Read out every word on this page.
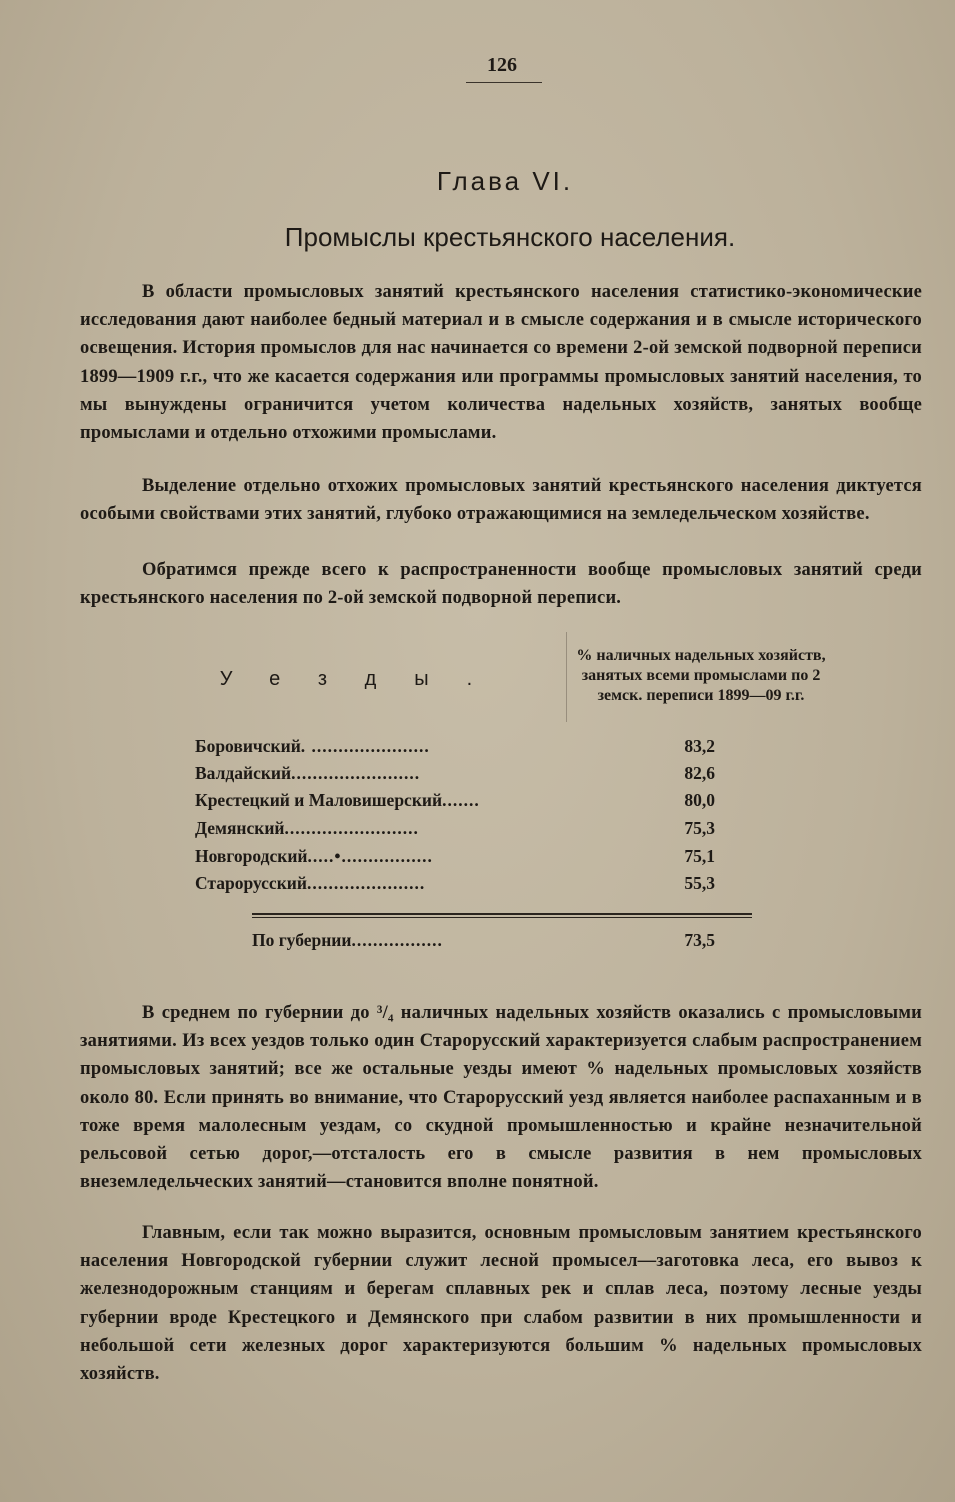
126
Глава VI.
Промыслы крестьянского населения.
В области промысловых занятий крестьянского населения статистико-экономические исследования дают наиболее бедный материал и в смысле содержания и в смысле исторического освещения. История промыслов для нас начинается со времени 2-ой земской подворной переписи 1899—1909 г.г., что же касается содержания или программы промысловых занятий населения, то мы вынуждены ограничится учетом количества надельных хозяйств, занятых вообще промыслами и отдельно отхожими промыслами.
Выделение отдельно отхожих промысловых занятий крестьянского населения диктуется особыми свойствами этих занятий, глубоко отражающимися на земледельческом хозяйстве.
Обратимся прежде всего к распространенности вообще промысловых занятий среди крестьянского населения по 2-ой земской подворной переписи.
Уезды.
% наличных надельных хозяйств, занятых всеми промыслами по 2 земск. переписи 1899—09 г.г.
Боровичский. ......................	83,2
Валдайский........................	82,6
Крестецкий и Маловишерский.......	80,0
Демянский.........................	75,3
Новгородский.....•.................	75,1
Старорусский......................	55,3
По губернии.................	73,5
В среднем по губернии до ³/₄ наличных надельных хозяйств оказались с промысловыми занятиями. Из всех уездов только один Старорусский характеризуется слабым распространением промысловых занятий; все же остальные уезды имеют % надельных промысловых хозяйств около 80. Если принять во внимание, что Старорусский уезд является наиболее распаханным и в тоже время малолесным уездам, со скудной промышленностью и крайне незначительной рельсовой сетью дорог,—отсталость его в смысле развития в нем промысловых внеземледельческих занятий—становится вполне понятной.
Главным, если так можно выразится, основным промысловым занятием крестьянского населения Новгородской губернии служит лесной промысел—заготовка леса, его вывоз к железнодорожным станциям и берегам сплавных рек и сплав леса, поэтому лесные уезды губернии вроде Крестецкого и Демянского при слабом развитии в них промышленности и небольшой сети железных дорог характеризуются большим % надельных промысловых хозяйств.
